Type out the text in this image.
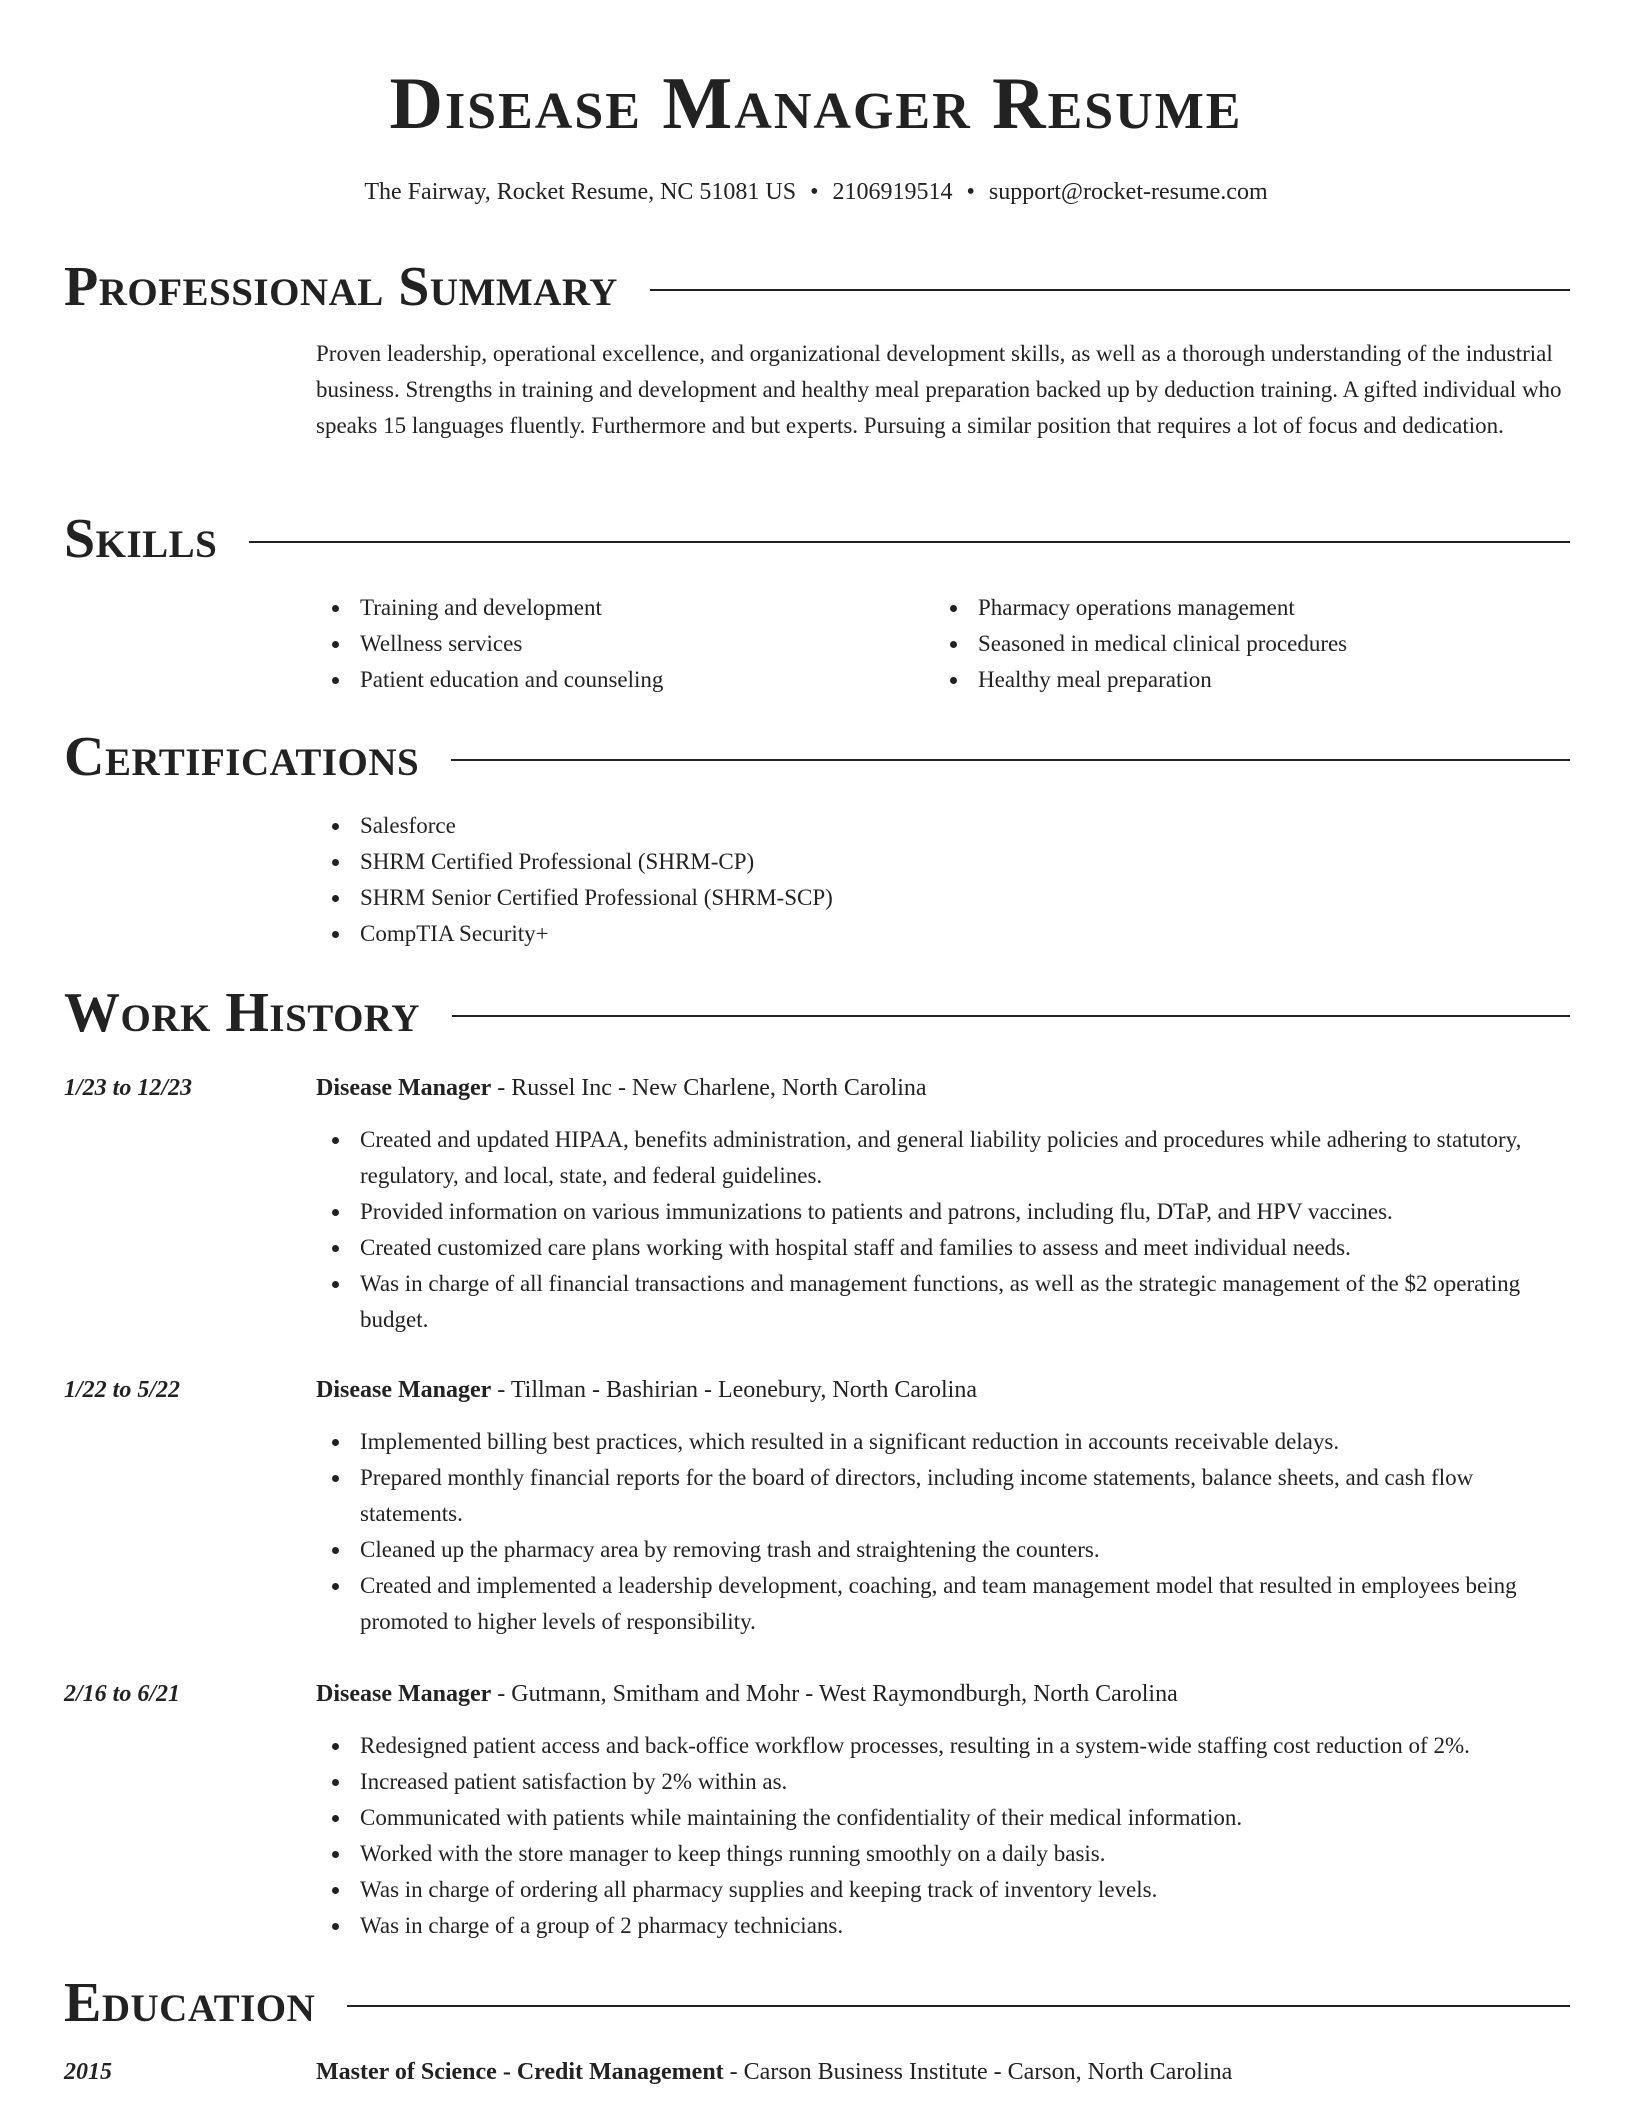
Disease Manager Resume
The Fairway, Rocket Resume, NC 51081 US • 2106919514 • support@rocket-resume.com
Professional Summary

Proven leadership, operational excellence, and organizational development skills, as well as a thorough understanding of the industrial business. Strengths in training and development and healthy meal preparation backed up by deduction training. A gifted individual who speaks 15 languages fluently. Furthermore and but experts. Pursuing a similar position that requires a lot of focus and dedication.

Skills
Training and development
Wellness services
Patient education and counseling
Pharmacy operations management
Seasoned in medical clinical procedures
Healthy meal preparation
Certifications
Salesforce
SHRM Certified Professional (SHRM-CP)
SHRM Senior Certified Professional (SHRM-SCP)
CompTIA Security+
Work History
1/23 to 12/23	Disease Manager - Russel Inc - New Charlene, North Carolina
Created and updated HIPAA, benefits administration, and general liability policies and procedures while adhering to statutory, regulatory, and local, state, and federal guidelines.
Provided information on various immunizations to patients and patrons, including flu, DTaP, and HPV vaccines.
Created customized care plans working with hospital staff and families to assess and meet individual needs.
Was in charge of all financial transactions and management functions, as well as the strategic management of the $2 operating budget.
1/22 to 5/22	Disease Manager - Tillman - Bashirian - Leonebury, North Carolina
Implemented billing best practices, which resulted in a significant reduction in accounts receivable delays.
Prepared monthly financial reports for the board of directors, including income statements, balance sheets, and cash flow statements.
Cleaned up the pharmacy area by removing trash and straightening the counters.
Created and implemented a leadership development, coaching, and team management model that resulted in employees being promoted to higher levels of responsibility.
2/16 to 6/21	Disease Manager - Gutmann, Smitham and Mohr - West Raymondburgh, North Carolina
Redesigned patient access and back-office workflow processes, resulting in a system-wide staffing cost reduction of 2%.
Increased patient satisfaction by 2% within as.
Communicated with patients while maintaining the confidentiality of their medical information.
Worked with the store manager to keep things running smoothly on a daily basis.
Was in charge of ordering all pharmacy supplies and keeping track of inventory levels.
Was in charge of a group of 2 pharmacy technicians.
Education
2015	Master of Science - Credit Management - Carson Business Institute - Carson, North Carolina
